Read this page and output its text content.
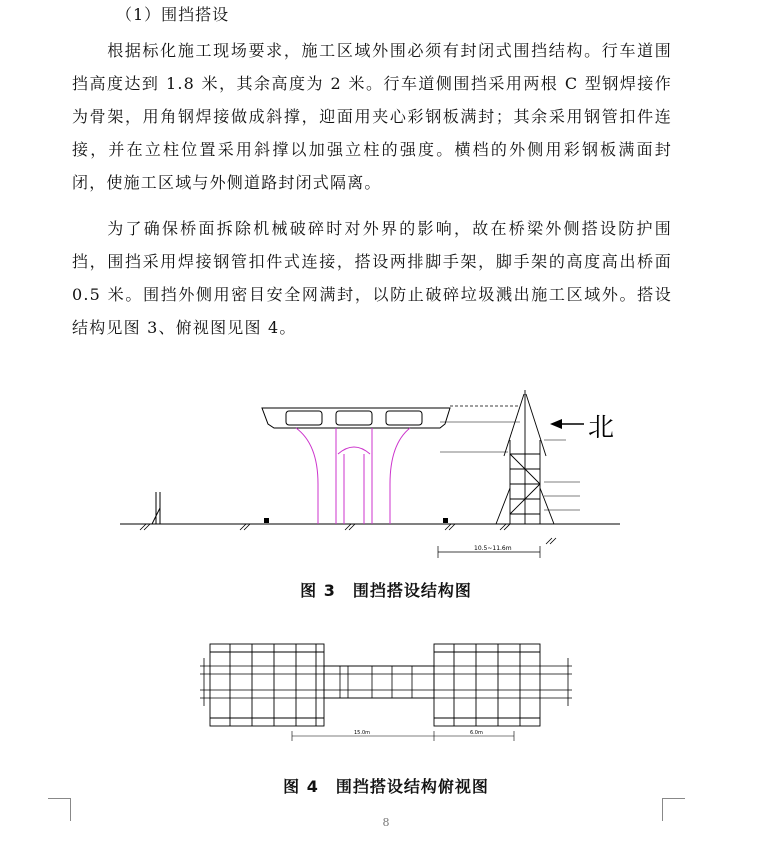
（1）围挡搭设

根据标化施工现场要求，施工区域外围必须有封闭式围挡结构。行车道围挡高度达到 1.8 米，其余高度为 2 米。行车道侧围挡采用两根 C 型钢焊接作为骨架，用角钢焊接做成斜撑，迎面用夹心彩钢板满封；其余采用钢管扣件连接，并在立柱位置采用斜撑以加强立柱的强度。横档的外侧用彩钢板满面封闭，使施工区域与外侧道路封闭式隔离。

为了确保桥面拆除机械破碎时对外界的影响，故在桥梁外侧搭设防护围挡，围挡采用焊接钢管扣件式连接，搭设两排脚手架，脚手架的高度高出桥面 0.5 米。围挡外侧用密目安全网满封，以防止破碎垃圾溅出施工区域外。搭设结构见图 3、俯视图见图 4。

北
10.5~11.6m
图 3　围挡搭设结构图
15.0m	6.0m
图 4　围挡搭设结构俯视图
8
